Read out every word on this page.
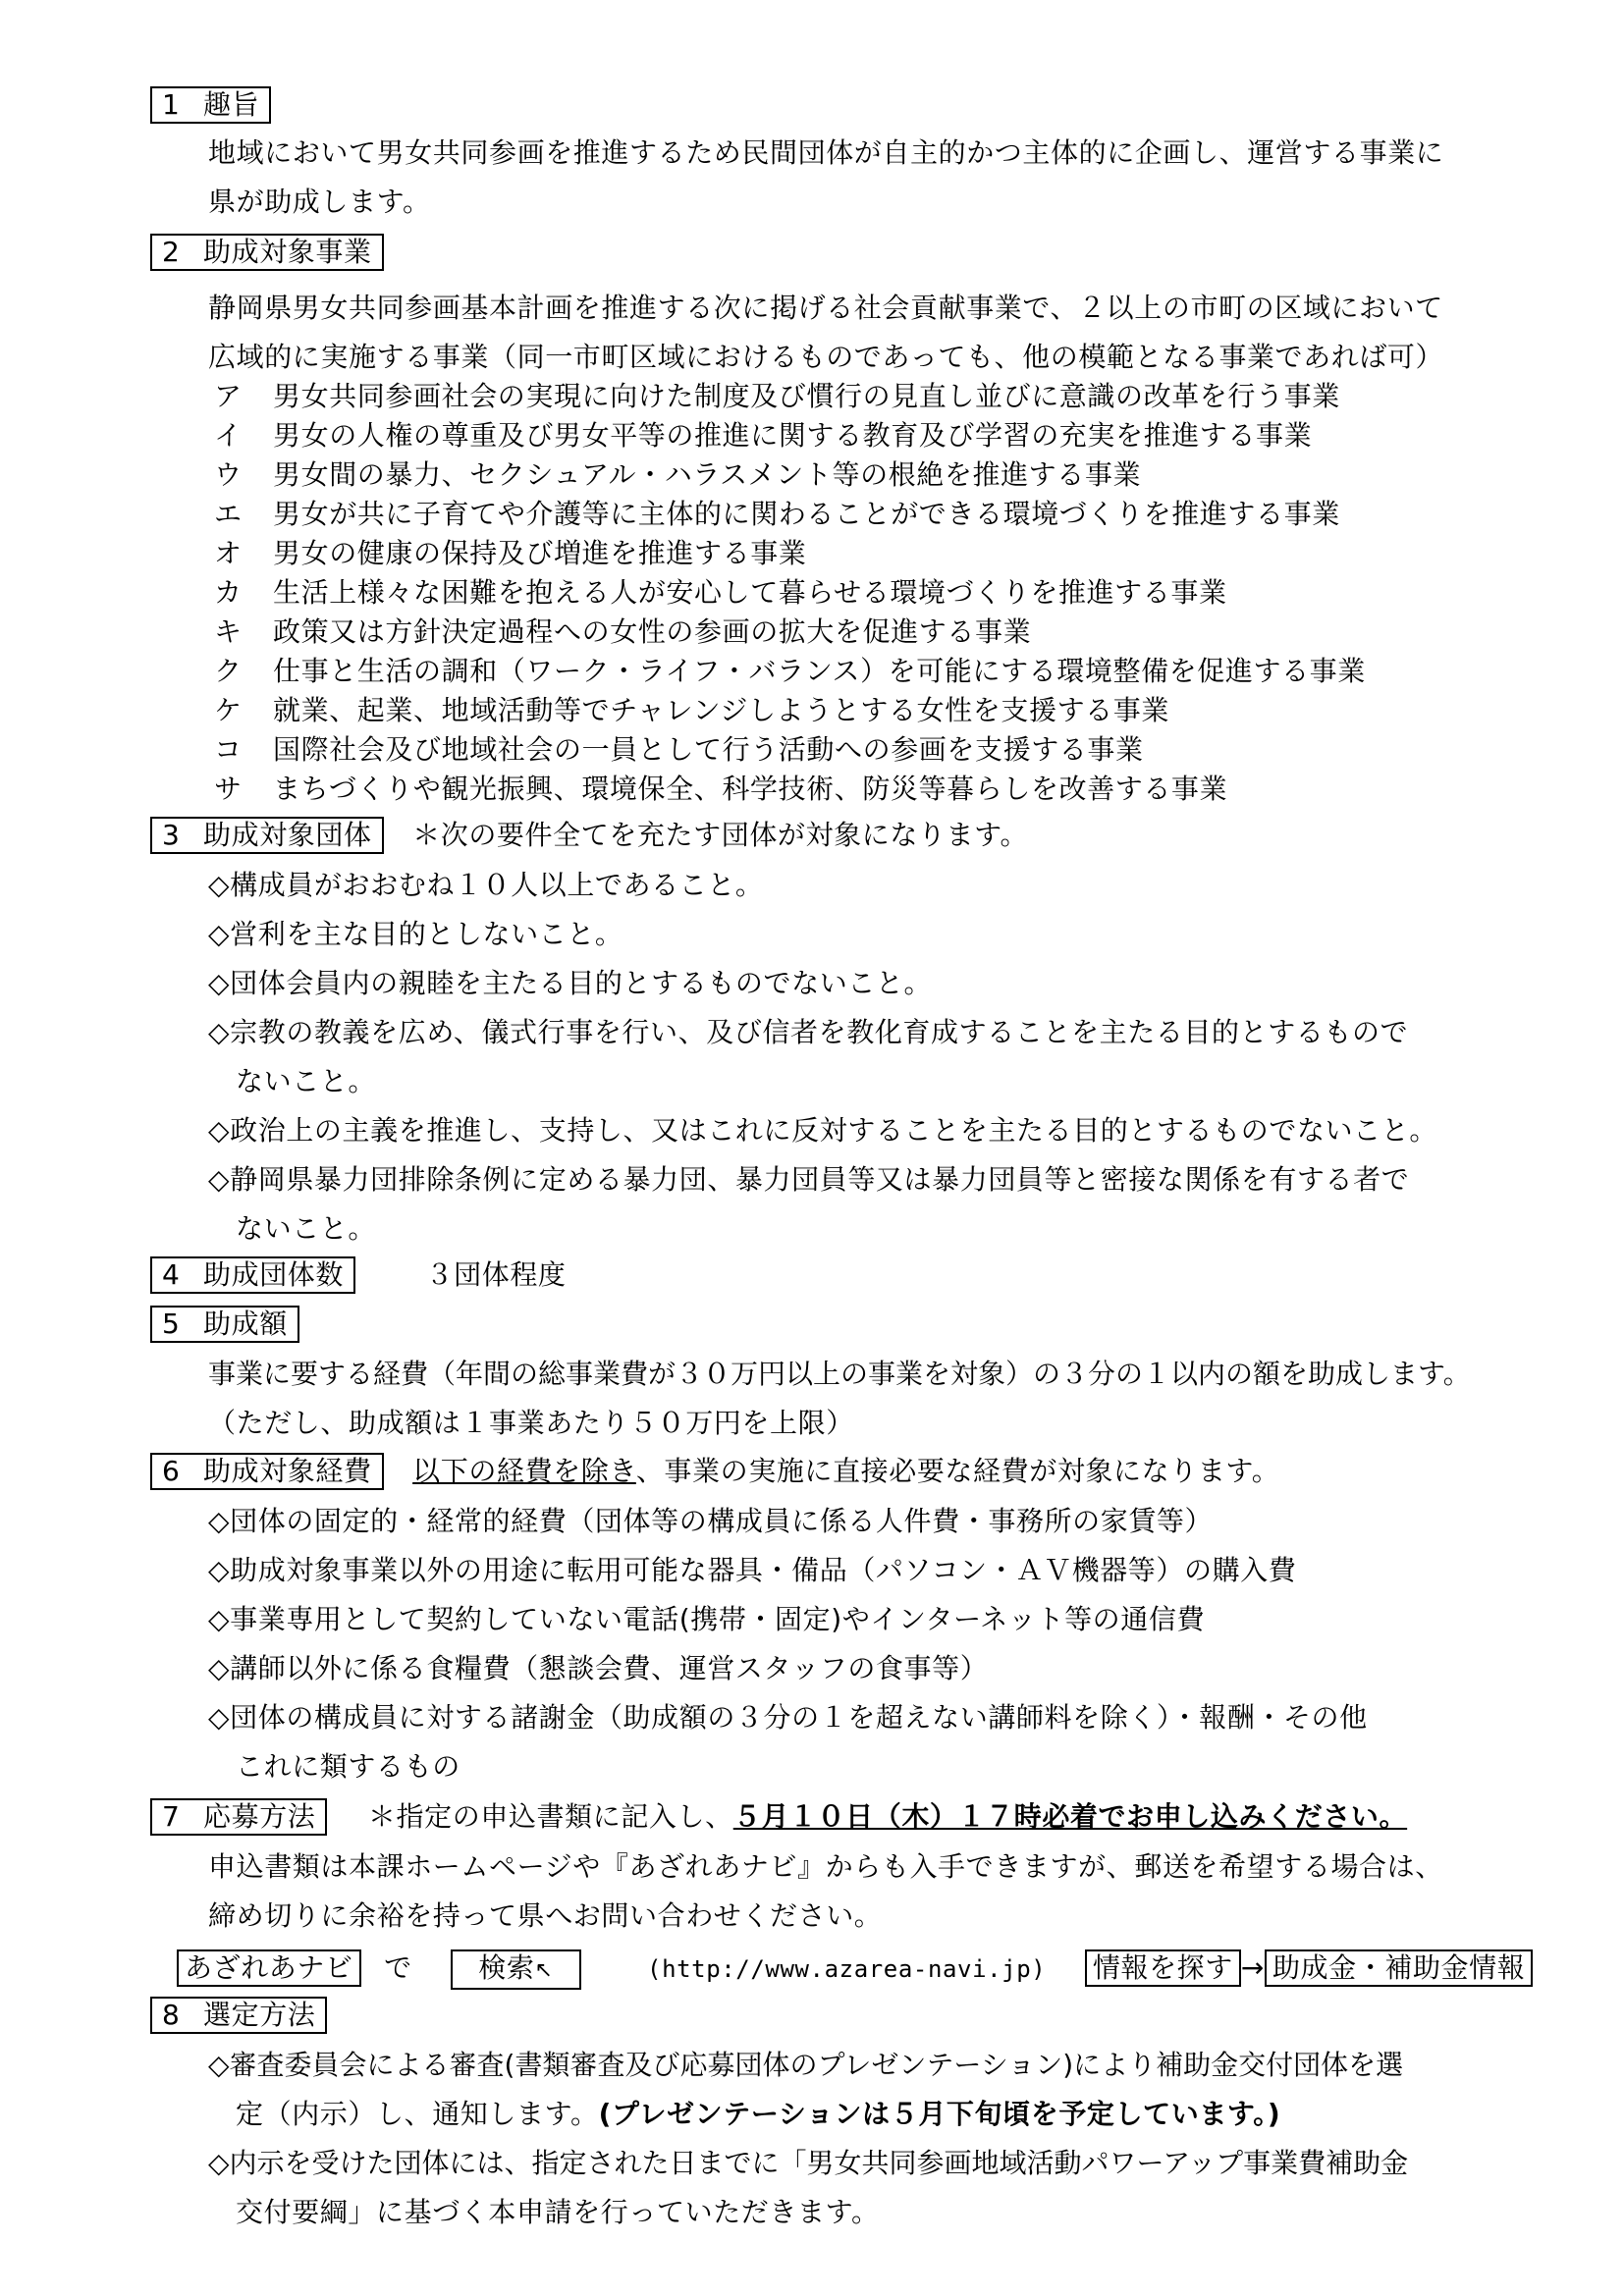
1 趣旨
地域において男女共同参画を推進するため民間団体が自主的かつ主体的に企画し、運営する事業に
県が助成します。
2 助成対象事業
静岡県男女共同参画基本計画を推進する次に掲げる社会貢献事業で、２以上の市町の区域において
広域的に実施する事業（同一市町区域におけるものであっても、他の模範となる事業であれば可）
ア 男女共同参画社会の実現に向けた制度及び慣行の見直し並びに意識の改革を行う事業
イ 男女の人権の尊重及び男女平等の推進に関する教育及び学習の充実を推進する事業
ウ 男女間の暴力、セクシュアル・ハラスメント等の根絶を推進する事業
エ 男女が共に子育てや介護等に主体的に関わることができる環境づくりを推進する事業
オ 男女の健康の保持及び増進を推進する事業
カ 生活上様々な困難を抱える人が安心して暮らせる環境づくりを推進する事業
キ 政策又は方針決定過程への女性の参画の拡大を促進する事業
ク 仕事と生活の調和（ワーク・ライフ・バランス）を可能にする環境整備を促進する事業
ケ 就業、起業、地域活動等でチャレンジしようとする女性を支援する事業
コ 国際社会及び地域社会の一員として行う活動への参画を支援する事業
サ まちづくりや観光振興、環境保全、科学技術、防災等暮らしを改善する事業
3 助成対象団体 ＊次の要件全てを充たす団体が対象になります。
◇構成員がおおむね１０人以上であること。
◇営利を主な目的としないこと。
◇団体会員内の親睦を主たる目的とするものでないこと。
◇宗教の教義を広め、儀式行事を行い、及び信者を教化育成することを主たる目的とするもので
ないこと。
◇政治上の主義を推進し、支持し、又はこれに反対することを主たる目的とするものでないこと。
◇静岡県暴力団排除条例に定める暴力団、暴力団員等又は暴力団員等と密接な関係を有する者で
ないこと。
4 助成団体数	３団体程度
5 助成額
事業に要する経費（年間の総事業費が３０万円以上の事業を対象）の３分の１以内の額を助成します。
（ただし、助成額は１事業あたり５０万円を上限）
6 助成対象経費 以下の経費を除き、事業の実施に直接必要な経費が対象になります。
◇団体の固定的・経常的経費（団体等の構成員に係る人件費・事務所の家賃等）
◇助成対象事業以外の用途に転用可能な器具・備品（パソコン・ＡＶ機器等）の購入費
◇事業専用として契約していない電話(携帯・固定)やインターネット等の通信費
◇講師以外に係る食糧費（懇談会費、運営スタッフの食事等）
◇団体の構成員に対する諸謝金（助成額の３分の１を超えない講師料を除く）・報酬・その他
これに類するもの
7 応募方法 ＊指定の申込書類に記入し、５月１０日（木）１７時必着でお申し込みください。
申込書類は本課ホームページや『あざれあナビ』からも入手できますが、郵送を希望する場合は、
締め切りに余裕を持って県へお問い合わせください。
あざれあナビ で 検索↖	(http://www.azarea-navi.jp) 情報を探す → 助成金・補助金情報
8 選定方法
◇審査委員会による審査(書類審査及び応募団体のプレゼンテーション)により補助金交付団体を選
定（内示）し、通知します。(プレゼンテーションは５月下旬頃を予定しています。)
◇内示を受けた団体には、指定された日までに「男女共同参画地域活動パワーアップ事業費補助金
交付要綱」に基づく本申請を行っていただきます。
